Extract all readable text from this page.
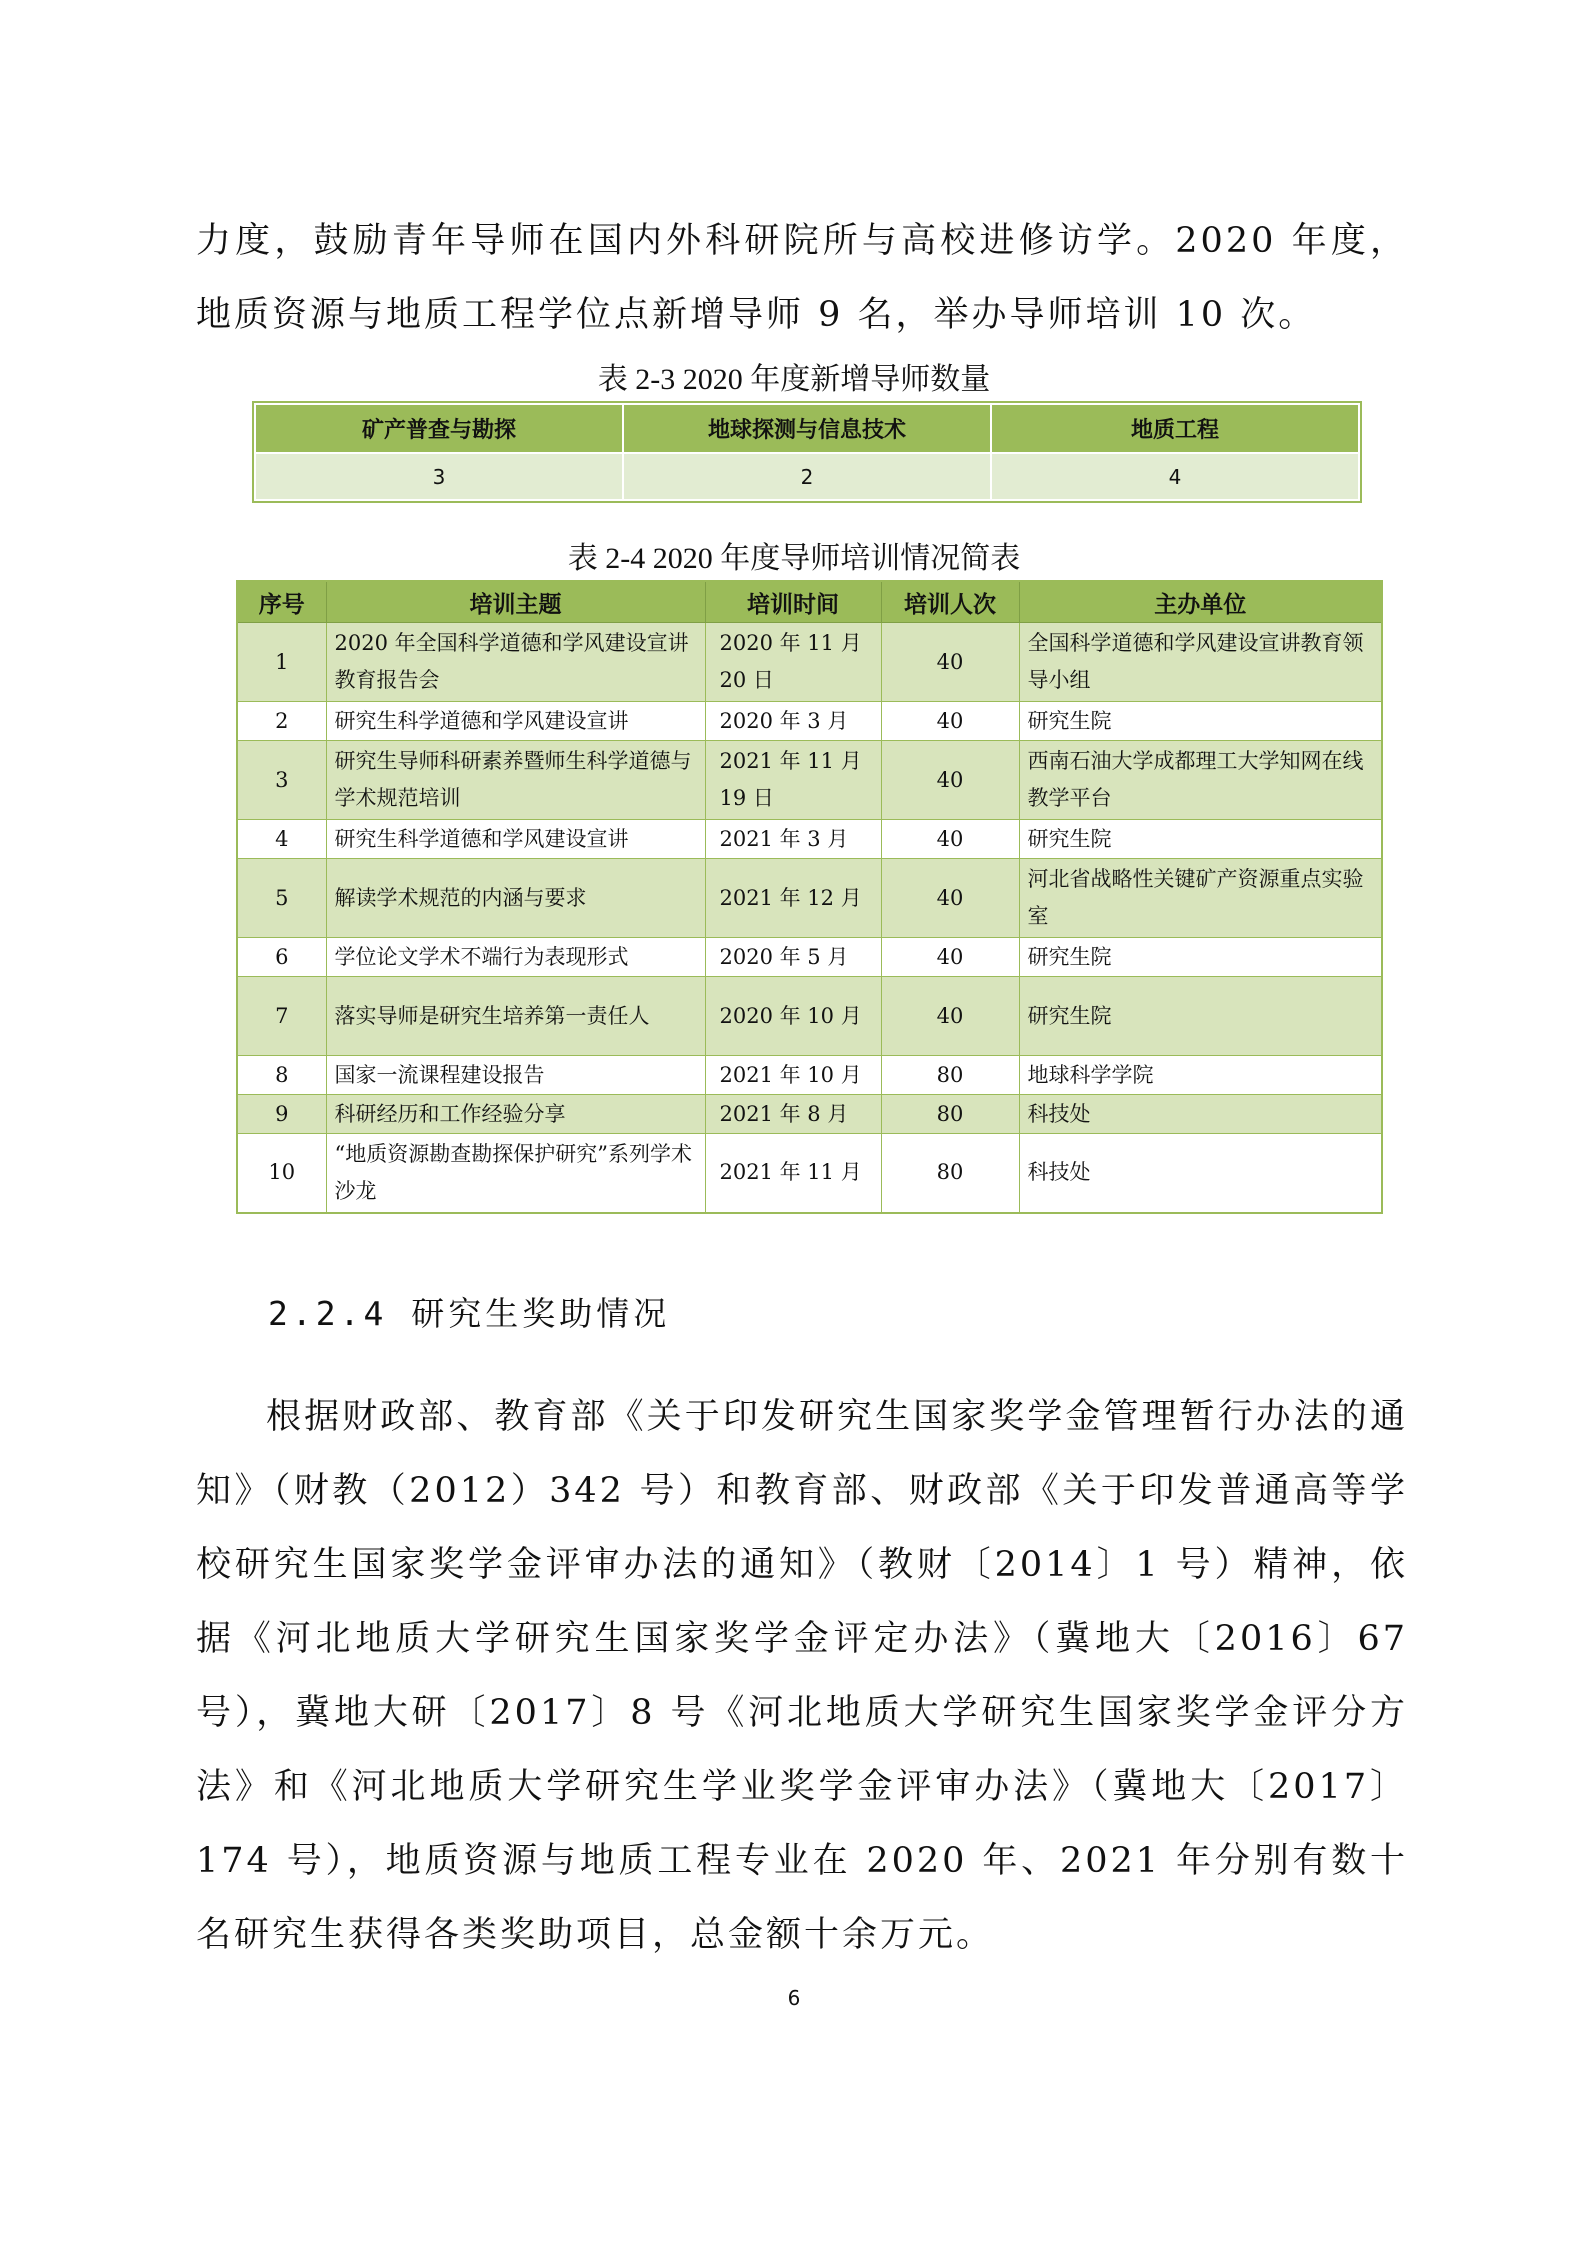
力度，鼓励青年导师在国内外科研院所与高校进修访学。2020 年度，地质资源与地质工程学位点新增导师 9 名，举办导师培训 10 次。

表 2-3 2020 年度新增导师数量

矿产普查与勘探	地球探测与信息技术	地质工程
3	2	4

表 2-4 2020 年度导师培训情况简表

序号	培训主题	培训时间	培训人次	主办单位
1	2020 年全国科学道德和学风建设宣讲教育报告会	2020 年 11 月 20 日	40	全国科学道德和学风建设宣讲教育领导小组
2	研究生科学道德和学风建设宣讲	2020 年 3 月	40	研究生院
3	研究生导师科研素养暨师生科学道德与学术规范培训	2021 年 11 月 19 日	40	西南石油大学成都理工大学知网在线教学平台
4	研究生科学道德和学风建设宣讲	2021 年 3 月	40	研究生院
5	解读学术规范的内涵与要求	2021 年 12 月	40	河北省战略性关键矿产资源重点实验室
6	学位论文学术不端行为表现形式	2020 年 5 月	40	研究生院
7	落实导师是研究生培养第一责任人	2020 年 10 月	40	研究生院
8	国家一流课程建设报告	2021 年 10 月	80	地球科学学院
9	科研经历和工作经验分享	2021 年 8 月	80	科技处
10	“地质资源勘查勘探保护研究”系列学术沙龙	2021 年 11 月	80	科技处

2.2.4 研究生奖助情况

根据财政部、教育部《关于印发研究生国家奖学金管理暂行办法的通知》（财教（2012）342 号）和教育部、财政部《关于印发普通高等学校研究生国家奖学金评审办法的通知》（教财〔2014〕1 号）精神，依据《河北地质大学研究生国家奖学金评定办法》（冀地大〔2016〕67 号），冀地大研〔2017〕8 号《河北地质大学研究生国家奖学金评分方法》和《河北地质大学研究生学业奖学金评审办法》（冀地大〔2017〕174 号），地质资源与地质工程专业在 2020 年、2021 年分别有数十名研究生获得各类奖助项目，总金额十余万元。

6
